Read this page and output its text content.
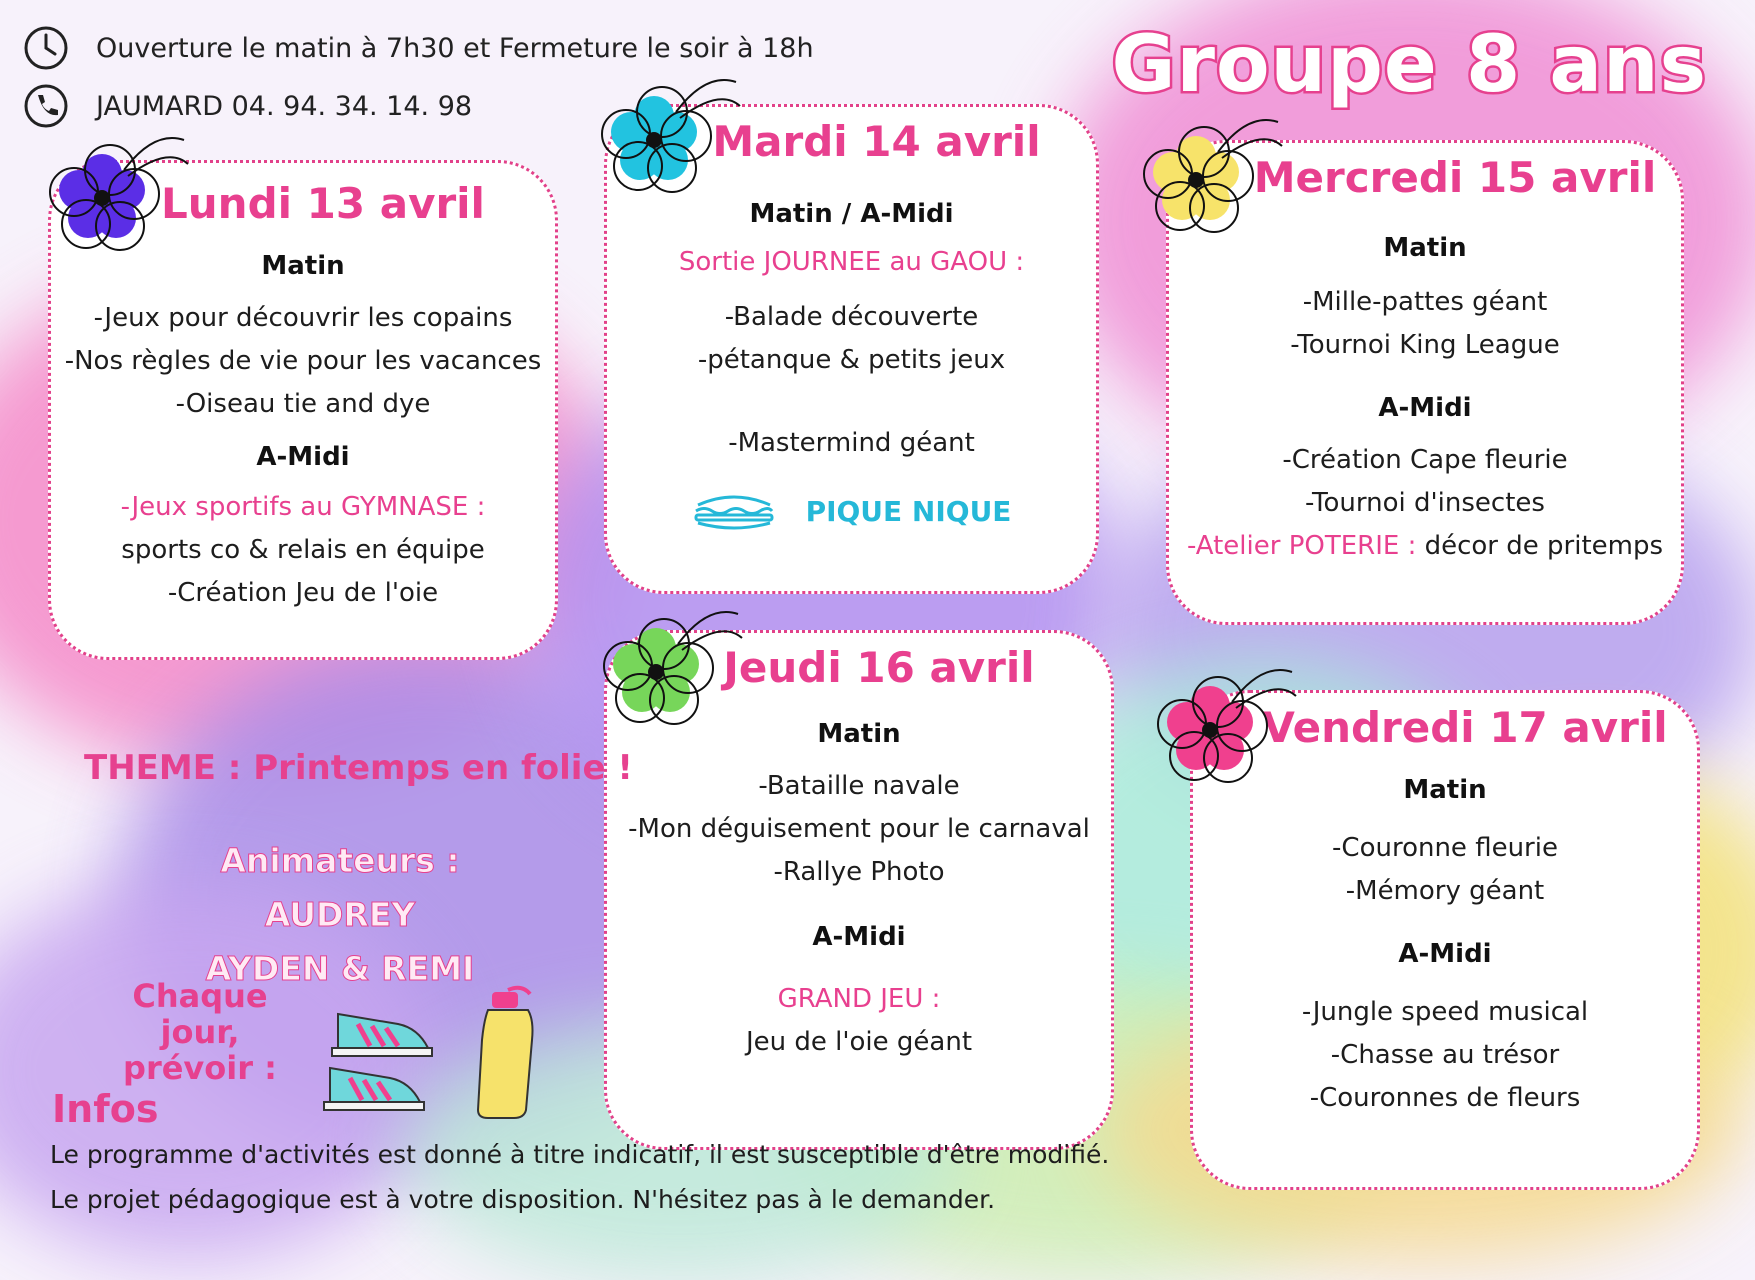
Ouverture le matin à 7h30 et Fermeture le soir à 18h
JAUMARD 04. 94. 34. 14. 98	Groupe 8 ans
Lundi 13 avril
Matin
-Jeux pour découvrir les copains
-Nos règles de vie pour les vacances
-Oiseau tie and dye
A-Midi
-Jeux sportifs au GYMNASE :
sports co & relais en équipe
-Création Jeu de l'oie
Mardi 14 avril
Matin / A-Midi
Sortie JOURNEE au GAOU :
-Balade découverte
-pétanque & petits jeux
-Mastermind géant
PIQUE NIQUE
Mercredi 15 avril
Matin
-Mille-pattes géant
-Tournoi King League
A-Midi
-Création Cape fleurie
-Tournoi d'insectes
-Atelier POTERIE : décor de pritemps
Jeudi 16 avril
Matin
-Bataille navale
-Mon déguisement pour le carnaval
-Rallye Photo
A-Midi
GRAND JEU :
Jeu de l'oie géant
Vendredi 17 avril
Matin
-Couronne fleurie
-Mémory géant
A-Midi
-Jungle speed musical
-Chasse au trésor
-Couronnes de fleurs
THEME : Printemps en folie !
Animateurs : AUDREY
AYDEN & REMI
Chaque jour, prévoir :
Infos
Le programme d'activités est donné à titre indicatif, il est susceptible d'être modifié.
Le projet pédagogique est à votre disposition. N'hésitez pas à le demander.
